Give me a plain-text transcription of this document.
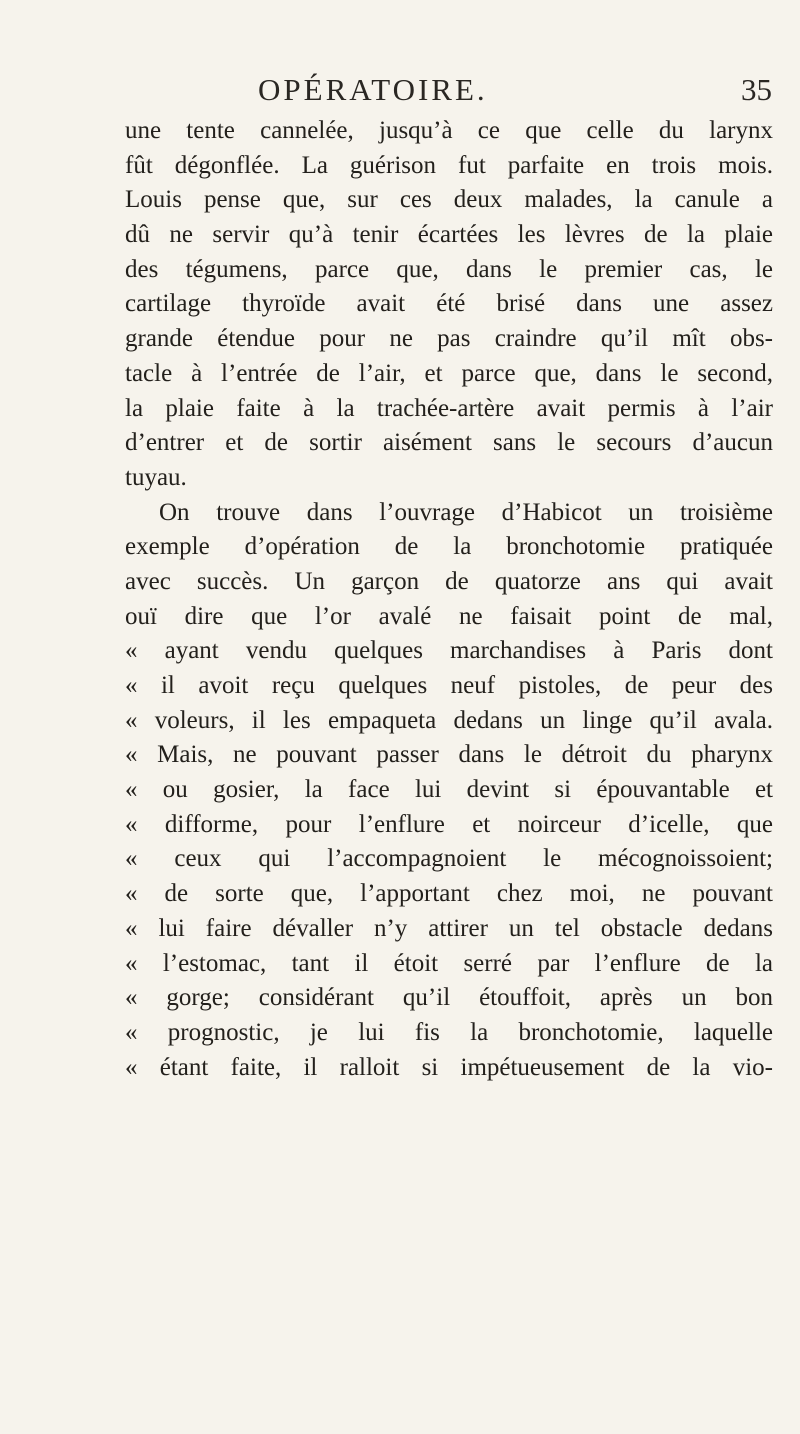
OPÉRATOIRE.	35
une tente cannelée, jusqu’à ce que celle du larynx
fût dégonflée. La guérison fut parfaite en trois mois.
Louis pense que, sur ces deux malades, la canule a
dû ne servir qu’à tenir écartées les lèvres de la plaie
des tégumens, parce que, dans le premier cas, le
cartilage thyroïde avait été brisé dans une assez
grande étendue pour ne pas craindre qu’il mît obs-
tacle à l’entrée de l’air, et parce que, dans le second,
la plaie faite à la trachée-artère avait permis à l’air
d’entrer et de sortir aisément sans le secours d’aucun
tuyau.
On trouve dans l’ouvrage d’Habicot un troisième
exemple d’opération de la bronchotomie pratiquée
avec succès. Un garçon de quatorze ans qui avait
ouï dire que l’or avalé ne faisait point de mal,
« ayant vendu quelques marchandises à Paris dont
« il avoit reçu quelques neuf pistoles, de peur des
« voleurs, il les empaqueta dedans un linge qu’il avala.
« Mais, ne pouvant passer dans le détroit du pharynx
« ou gosier, la face lui devint si épouvantable et
« difforme, pour l’enflure et noirceur d’icelle, que
« ceux qui l’accompagnoient le mécognoissoient;
« de sorte que, l’apportant chez moi, ne pouvant
« lui faire dévaller n’y attirer un tel obstacle dedans
« l’estomac, tant il étoit serré par l’enflure de la
« gorge; considérant qu’il étouffoit, après un bon
« prognostic, je lui fis la bronchotomie, laquelle
« étant faite, il ralloit si impétueusement de la vio-
